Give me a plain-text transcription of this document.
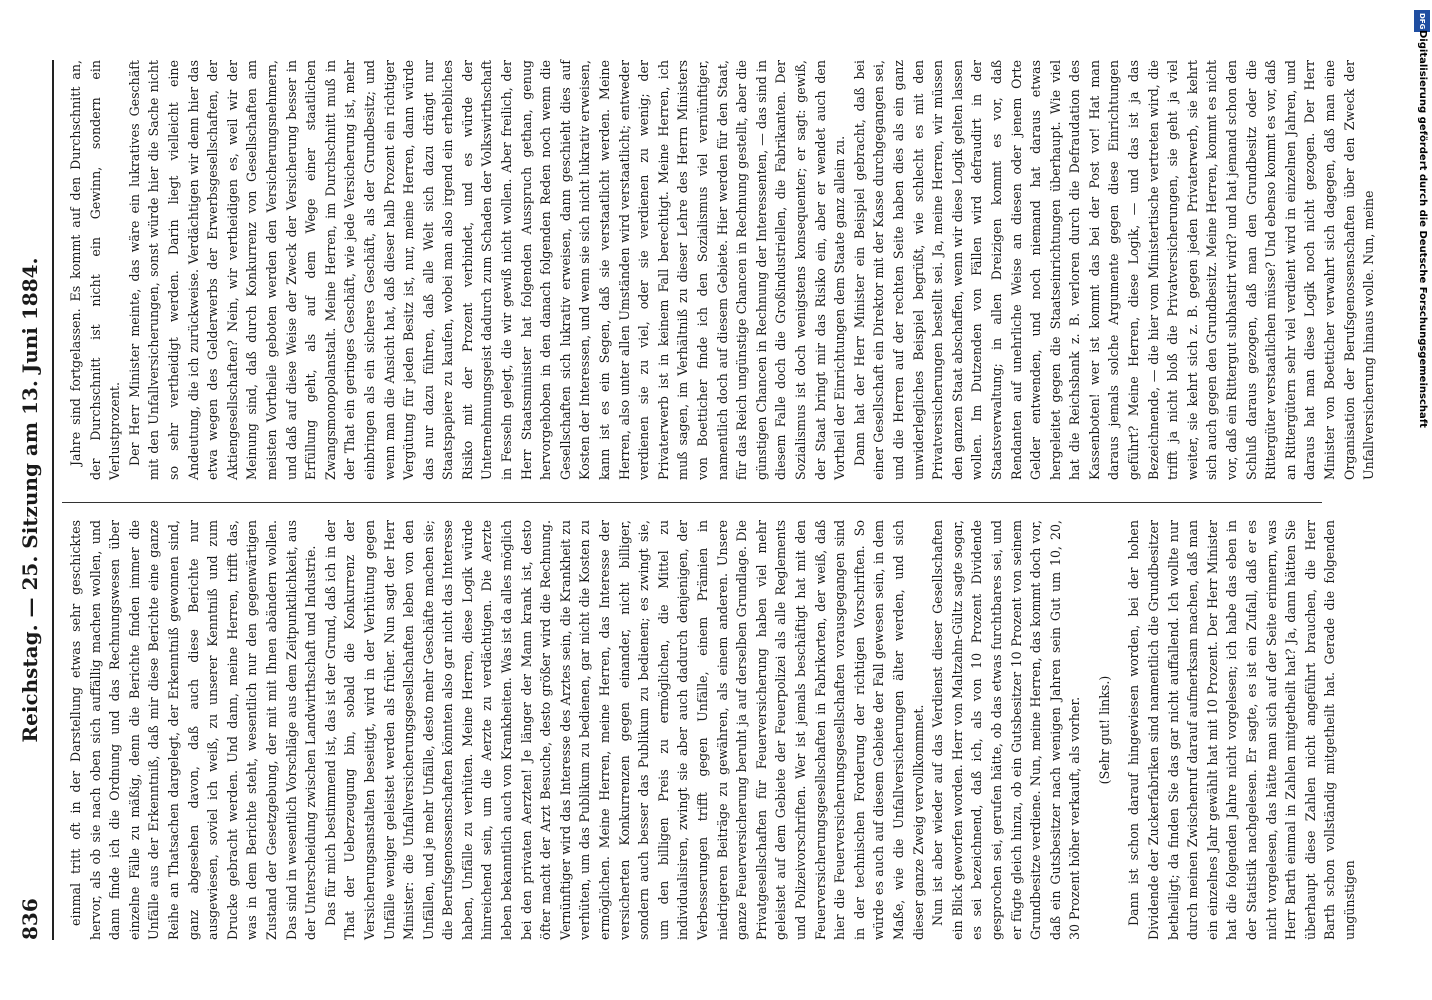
836
Reichstag. — 25. Sitzung am 13. Juni 1884. einmal tritt oft in der Darstellung etwas sehr geschicktes hervor, als ob sie nach oben sich auffällig machen wollen, und dann finde ich die Ordnung und das Rechnungswesen über einzelne Fälle zu mäßig, denn die Berichte finden immer die Unfälle aus der Erkenntniß, daß mir diese Berichte eine ganze Reihe an Thatsachen dargelegt, der Erkenntniß gewonnen sind, ganz abgesehen davon, daß auch diese Berichte nur ausgewiesen, soviel ich weiß, zu unserer Kenntniß und zum Drucke gebracht werden. Und dann, meine Herren, trifft das, was in dem Berichte steht, wesentlich nur den gegenwärtigen Zustand der Gesetzgebung, der mit mit Ihnen abändern wollen. Das sind in wesentlich Vorschläge aus dem Zeitpunktlichkeit, aus der Unterscheidung zwischen Landwirthschaft und Industrie. Das für mich bestimmend ist, das ist der Grund, daß ich in der That der Ueberzeugung bin, sobald die Konkurrenz der Versicherungsanstalten beseitigt, wird in der Verhütung gegen Unfälle weniger geleistet werden als früher. Nun sagt der Herr Minister: die Unfallversicherungsgesellschaften leben von den Unfällen, und je mehr Unfälle, desto mehr Geschäfte machen sie; die Berufsgenossenschaften könnten also gar nicht das Interesse haben, Unfälle zu verhüten. Meine Herren, diese Logik würde hinreichend sein, um die Aerzte zu verdächtigen. Die Aerzte leben bekanntlich auch von Krankheiten. Was ist da alles möglich bei den privaten Aerzten! Je länger der Mann krank ist, desto öfter macht der Arzt Besuche, desto größer wird die Rechnung. Vernünftiger wird das Interesse des Arztes sein, die Krankheit zu verhüten, um das Publikum zu bedienen, gar nicht die Kosten zu ermöglichen. Meine Herren, meine Herren, das Interesse der versicherten Konkurrenzen gegen einander, nicht billiger, sondern auch besser das Publikum zu bedienen; es zwingt sie, um den billigen Preis zu ermöglichen, die Mittel zu individualisiren, zwingt sie aber auch dadurch denjenigen, der Verbesserungen trifft gegen Unfälle, einem Prämien in niedrigeren Beiträge zu gewähren, als einem anderen. Unsere ganze Feuerversicherung beruht ja auf derselben Grundlage. Die Privatgesellschaften für Feuerversicherung haben viel mehr geleistet auf dem Gebiete der Feuerpolizei als alle Reglements und Polizeivorschriften. Wer ist jemals beschäftigt hat mit den Feuerversicherungsgesellschaften in Fabrikorten, der weiß, daß hier die Feuerversicherungsgesellschaften vorausgegangen sind in der technischen Forderung der richtigen Vorschriften. So würde es auch auf diesem Gebiete der Fall gewesen sein, in dem Maße, wie die Unfallversicherungen älter werden, und sich dieser ganze Zweig vervollkommnet. Nun ist aber wieder auf das Verdienst dieser Gesellschaften ein Blick geworfen worden. Herr von Maltzahn-Gültz sagte sogar, es sei bezeichnend, daß ich, als von 10 Prozent Dividende gesprochen sei, gerufen hätte, ob das etwas furchtbares sei, und er fügte gleich hinzu, ob ein Gutsbesitzer 10 Prozent von seinem Grundbesitze verdiene. Nun, meine Herren, das kommt doch vor, daß ein Gutsbesitzer nach wenigen Jahren sein Gut um 10, 20, 30 Prozent höher verkauft, als vorher. (Sehr gut! links.) Dann ist schon darauf hingewiesen worden, bei der hohen Dividende der Zuckerfabriken sind namentlich die Grundbesitzer betheiligt; da finden Sie das gar nicht auffallend. Ich wollte nur durch meinen Zwischenruf darauf aufmerksam machen, daß man ein einzelnes Jahr gewählt hat mit 10 Prozent. Der Herr Minister hat die folgenden Jahre nicht vorgelesen; ich habe das eben in der Statistik nachgelesen. Er sagte, es ist ein Zufall, daß er es nicht vorgelesen, das hätte man sich auf der Seite erinnern, was Herr Barth einmal in Zahlen mitgetheilt hat? Ja, dann hätten Sie überhaupt diese Zahlen nicht angeführt brauchen, die Herr Barth schon vollständig mitgetheilt hat. Gerade die folgenden ungünstigen

Jahre sind fortgelassen. Es kommt auf den Durchschnitt an, der Durchschnitt ist nicht ein Gewinn, sondern ein Verlustprozent. Der Herr Minister meinte, das wäre ein lukratives Geschäft mit den Unfallversicherungen, sonst würde hier die Sache nicht so sehr vertheidigt werden. Darin liegt vielleicht eine Andeutung, die ich zurückweise. Verdächtigen wir denn hier das etwa wegen des Gelderwerbs der Erwerbsgesellschaften, der Aktiengesellschaften? Nein, wir vertheidigen es, weil wir der Meinung sind, daß durch Konkurrenz von Gesellschaften am meisten Vortheile geboten werden den Versicherungsnehmern, und daß auf diese Weise der Zweck der Versicherung besser in Erfüllung geht, als auf dem Wege einer staatlichen Zwangsmonopolanstalt. Meine Herren, im Durchschnitt muß in der That ein geringes Geschäft, wie jede Versicherung ist, mehr einbringen als ein sicheres Geschäft, als der Grundbesitz; und wenn man die Ansicht hat, daß dieser halb Prozent ein richtiger Vergütung für jeden Besitz ist, nur, meine Herren, dann würde das nur dazu führen, daß alle Welt sich dazu drängt nur Staatspapiere zu kaufen, wobei man also irgend ein erhebliches Risiko mit der Prozent verbindet, und es würde der Unternehmungsgeist dadurch zum Schaden der Volkswirthschaft in Fesseln gelegt, die wir gewiß nicht wollen. Aber freilich, der Herr Staatsminister hat folgenden Ausspruch gethan, genug hervorgehoben in den danach folgenden Reden noch wenn die Gesellschaften sich lukrativ erweisen, dann geschieht dies auf Kosten der Interessen, und wenn sie sich nicht lukrativ erweisen, kann ist es ein Segen, daß sie verstaatlicht werden. Meine Herren, also unter allen Umständen wird verstaatlicht; entweder verdienen sie zu viel, oder sie verdienen zu wenig; der Privaterwerb ist in keinem Fall berechtigt. Meine Herren, ich muß sagen, im Verhältniß zu dieser Lehre des Herrn Ministers von Boetticher finde ich den Sozialismus viel vernünftiger, namentlich doch auf diesem Gebiete. Hier werden für den Staat, für das Reich ungünstige Chancen in Rechnung gestellt, aber die günstigen Chancen in Rechnung der Interessenten, — das sind in diesem Falle doch die Großindustriellen, die Fabrikanten. Der Sozialismus ist doch wenigstens konsequenter; er sagt: gewiß, der Staat bringt mir das Risiko ein, aber er wendet auch den Vortheil der Einrichtungen dem Staate ganz allein zu. Dann hat der Herr Minister ein Beispiel gebracht, daß bei einer Gesellschaft ein Direktor mit der Kasse durchgegangen sei, und die Herren auf der rechten Seite haben dies als ein ganz unwiderlegliches Beispiel begrüßt, wie schlecht es mit den Privatversicherungen bestellt sei. Ja, meine Herren, wir müssen den ganzen Staat abschaffen, wenn wir diese Logik gelten lassen wollen. Im Dutzenden von Fällen wird defraudirt in der Staatsverwaltung; in allen Dreizigen kommt es vor, daß Rendanten auf unehrliche Weise an diesen oder jenem Orte Gelder entwenden, und noch niemand hat daraus etwas hergeleitet gegen die Staatseinrichtungen überhaupt. Wie viel hat die Reichsbank z. B. verloren durch die Defraudation des Kassenboten! wer ist kommt das bei der Post vor! Hat man daraus jemals solche Argumente gegen diese Einrichtungen geführt? Meine Herren, diese Logik, — und das ist ja das Bezeichnende, — die hier vom Ministertische vertreten wird, die trifft ja nicht bloß die Privatversicherungen, sie geht ja viel weiter, sie kehrt sich z. B. gegen jeden Privaterwerb, sie kehrt sich auch gegen den Grundbesitz. Meine Herren, kommt es nicht vor, daß ein Rittergut subhastirt wird? und hat jemand schon den Schluß daraus gezogen, daß man den Grundbesitz oder die Rittergüter verstaatlichen müsse? Und ebenso kommt es vor, daß an Rittergütern sehr viel verdient wird in einzelnen Jahren, und daraus hat man diese Logik noch nicht gezogen. Der Herr Minister von Boetticher verwahrt sich dagegen, daß man eine Organisation der Berufsgenossenschaften über den Zweck der Unfallversicherung hinaus wolle. Nun, meine

DFG
Digitalisierung gefördert durch die Deutsche Forschungsgemeinschaft
